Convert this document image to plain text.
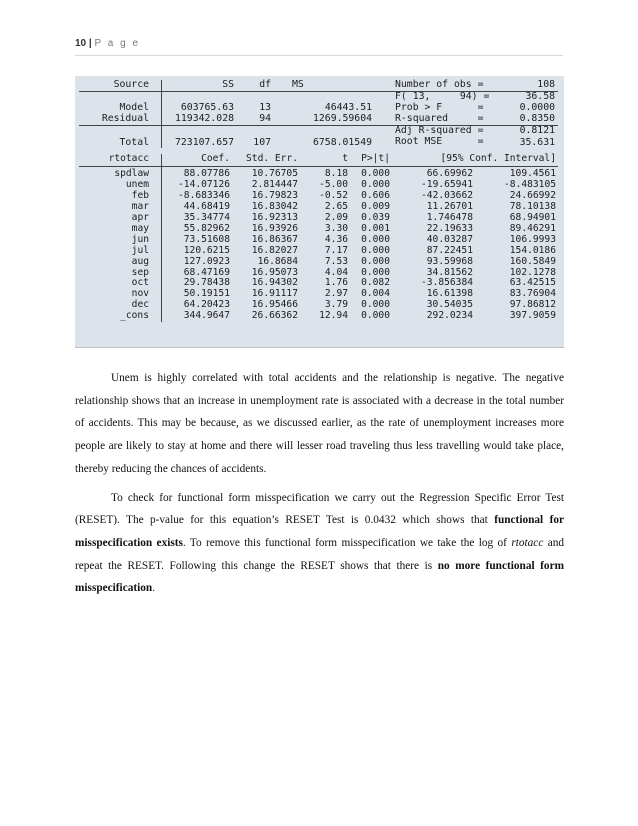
10 | P a g e
Source		SS	df	MS	Number of obs =	108
					F( 13,     94) =	36.58
Model		603765.63	13	46443.51	Prob > F      =	0.0000
Residual		119342.028	94	1269.59604	R-squared     =	0.8350
					Adj R-squared =	0.8121
Total		723107.657	107	6758.01549	Root MSE      =	35.631
rtotacc		Coef.	Std. Err.	t	P>|t|	[95% Conf. Interval]	
spdlaw		88.07786	10.76705	8.18	0.000	66.69962	109.4561
unem		-14.07126	2.814447	-5.00	0.000	-19.65941	-8.483105
feb		-8.683346	16.79823	-0.52	0.606	-42.03662	24.66992
mar		44.68419	16.83042	2.65	0.009	11.26701	78.10138
apr		35.34774	16.92313	2.09	0.039	1.746478	68.94901
may		55.82962	16.93926	3.30	0.001	22.19633	89.46291
jun		73.51608	16.86367	4.36	0.000	40.03287	106.9993
jul		120.6215	16.82027	7.17	0.000	87.22451	154.0186
aug		127.0923	16.8684	7.53	0.000	93.59968	160.5849
sep		68.47169	16.95073	4.04	0.000	34.81562	102.1278
oct		29.78438	16.94302	1.76	0.082	-3.856384	63.42515
nov		50.19151	16.91117	2.97	0.004	16.61398	83.76904
dec		64.20423	16.95466	3.79	0.000	30.54035	97.86812
_cons		344.9647	26.66362	12.94	0.000	292.0234	397.9059

Unem is highly correlated with total accidents and the relationship is negative. The negative relationship shows that an increase in unemployment rate is associated with a decrease in the total number of accidents. This may be because, as we discussed earlier, as the rate of unemployment increases more people are likely to stay at home and there will lesser road traveling thus less travelling would take place, thereby reducing the chances of accidents.

To check for functional form misspecification we carry out the Regression Specific Error Test (RESET). The p-value for this equation’s RESET Test is 0.0432 which shows that functional for misspecification exists. To remove this functional form misspecification we take the log of rtotacc and repeat the RESET. Following this change the RESET shows that there is no more functional form misspecification.
